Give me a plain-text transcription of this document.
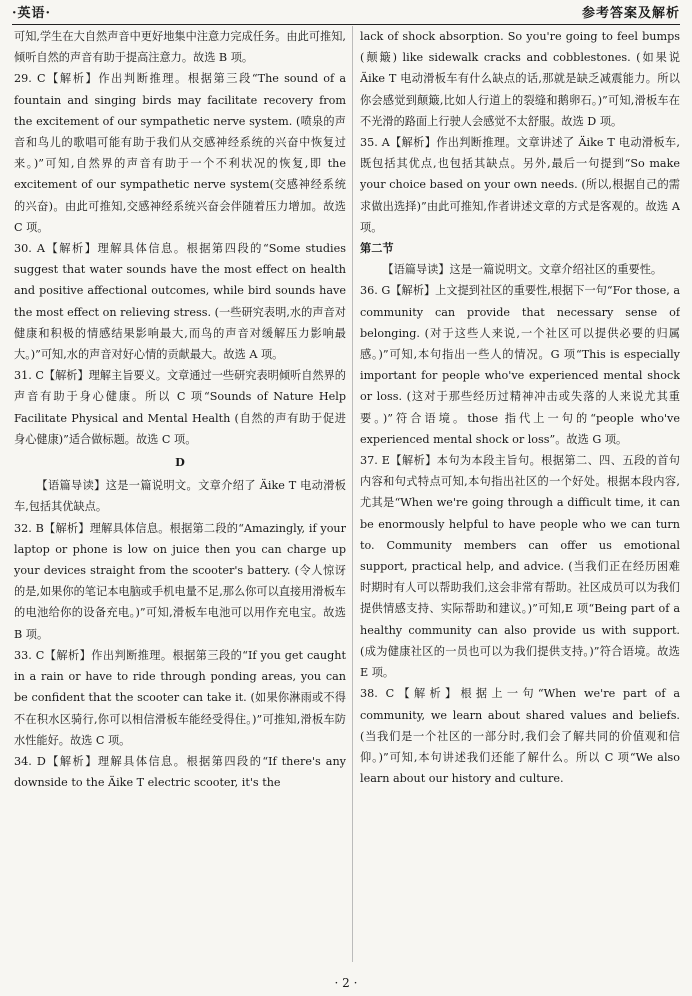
·英语·	参考答案及解析

可知,学生在大自然声音中更好地集中注意力完成任务。由此可推知,倾听自然的声音有助于提高注意力。故选 B 项。

29. C【解析】作出判断推理。根据第三段“The sound of a fountain and singing birds may facilitate recovery from the excitement of our sympathetic nerve system. (喷泉的声音和鸟儿的歌唱可能有助于我们从交感神经系统的兴奋中恢复过来。)”可知,自然界的声音有助于一个不利状况的恢复,即 the excitement of our sympathetic nerve system(交感神经系统的兴奋)。由此可推知,交感神经系统兴奋会伴随着压力增加。故选 C 项。

30. A【解析】理解具体信息。根据第四段的“Some studies suggest that water sounds have the most effect on health and positive affectional outcomes, while bird sounds have the most effect on relieving stress. (一些研究表明,水的声音对健康和积极的情感结果影响最大,而鸟的声音对缓解压力影响最大。)”可知,水的声音对好心情的贡献最大。故选 A 项。

31. C【解析】理解主旨要义。文章通过一些研究表明倾听自然界的声音有助于身心健康。所以 C 项“Sounds of Nature Help Facilitate Physical and Mental Health (自然的声有助于促进身心健康)”适合做标题。故选 C 项。

D

【语篇导读】这是一篇说明文。文章介绍了 Äike T 电动滑板车,包括其优缺点。

32. B【解析】理解具体信息。根据第二段的“Amazingly, if your laptop or phone is low on juice then you can charge up your devices straight from the scooter's battery. (令人惊讶的是,如果你的笔记本电脑或手机电量不足,那么你可以直接用滑板车的电池给你的设备充电。)”可知,滑板车电池可以用作充电宝。故选 B 项。

33. C【解析】作出判断推理。根据第三段的“If you get caught in a rain or have to ride through ponding areas, you can be confident that the scooter can take it. (如果你淋雨或不得不在积水区骑行,你可以相信滑板车能经受得住。)”可推知,滑板车防水性能好。故选 C 项。

34. D【解析】理解具体信息。根据第四段的“If there's any downside to the Äike T electric scooter, it's the

lack of shock absorption. So you're going to feel bumps (颠簸) like sidewalk cracks and cobblestones. (如果说 Äike T 电动滑板车有什么缺点的话,那就是缺乏减震能力。所以你会感觉到颠簸,比如人行道上的裂缝和鹅卵石。)”可知,滑板车在不光滑的路面上行驶人会感觉不太舒服。故选 D 项。

35. A【解析】作出判断推理。文章讲述了 Äike T 电动滑板车,既包括其优点,也包括其缺点。另外,最后一句提到“So make your choice based on your own needs. (所以,根据自己的需求做出选择)”由此可推知,作者讲述文章的方式是客观的。故选 A 项。

第二节

【语篇导读】这是一篇说明文。文章介绍社区的重要性。

36. G【解析】上文提到社区的重要性,根据下一句“For those, a community can provide that necessary sense of belonging. (对于这些人来说,一个社区可以提供必要的归属感。)”可知,本句指出一些人的情况。G 项“This is especially important for people who've experienced mental shock or loss. (这对于那些经历过精神冲击或失落的人来说尤其重要。)”符合语境。those 指代上一句的“people who've experienced mental shock or loss”。故选 G 项。

37. E【解析】本句为本段主旨句。根据第二、四、五段的首句内容和句式特点可知,本句指出社区的一个好处。根据本段内容,尤其是“When we're going through a difficult time, it can be enormously helpful to have people who we can turn to. Community members can offer us emotional support, practical help, and advice. (当我们正在经历困难时期时有人可以帮助我们,这会非常有帮助。社区成员可以为我们提供情感支持、实际帮助和建议。)”可知,E 项“Being part of a healthy community can also provide us with support. (成为健康社区的一员也可以为我们提供支持。)”符合语境。故选 E 项。

38. C【解析】根据上一句“When we're part of a community, we learn about shared values and beliefs. (当我们是一个社区的一部分时,我们会了解共同的价值观和信仰。)”可知,本句讲述我们还能了解什么。所以 C 项“We also learn about our history and culture.

· 2 ·
